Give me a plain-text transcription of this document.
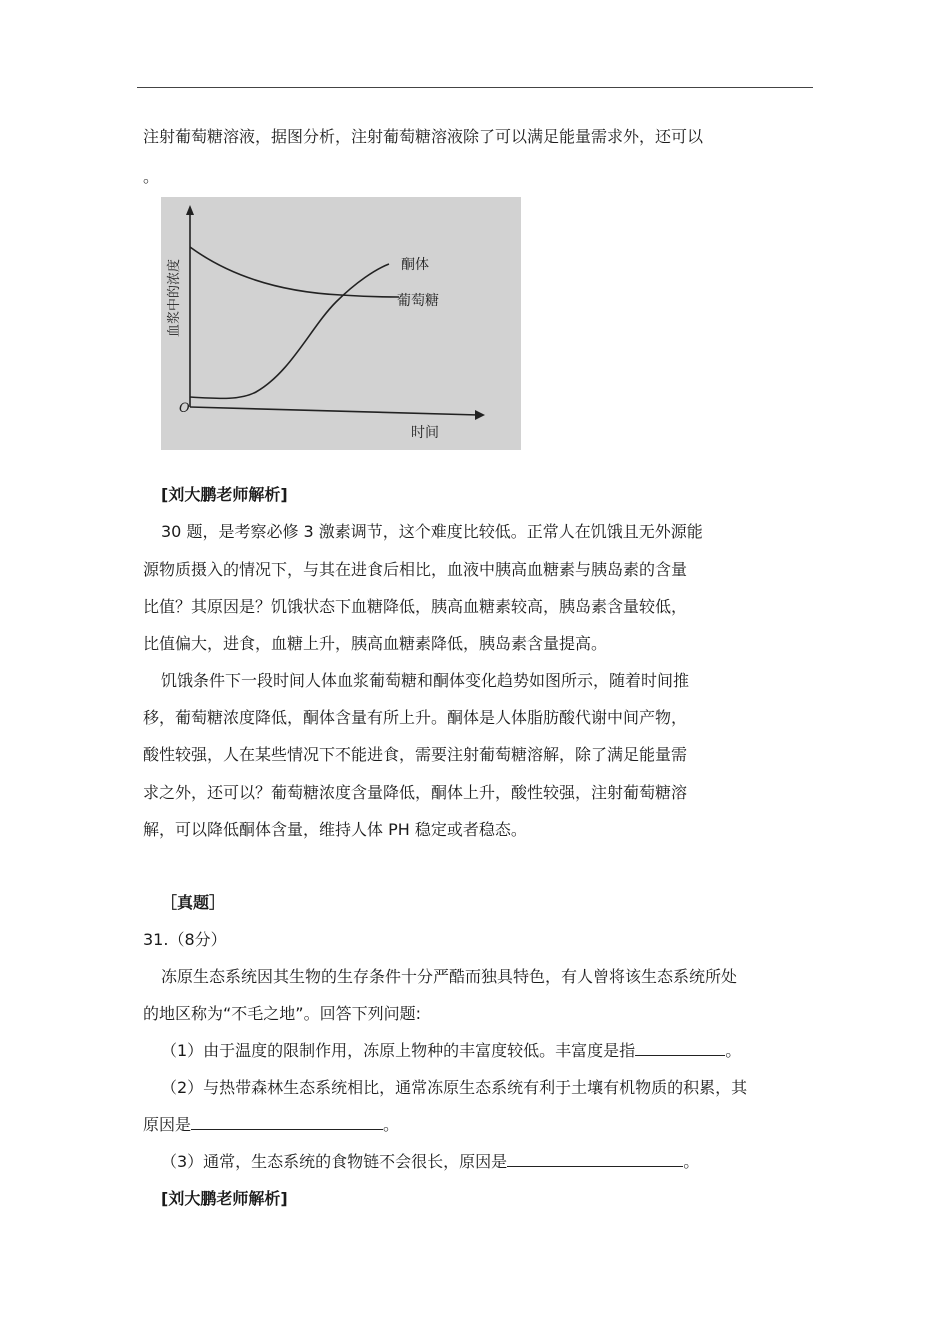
注射葡萄糖溶液，据图分析，注射葡萄糖溶液除了可以满足能量需求外，还可以
。
O
酮体
葡萄糖
时间
血浆中的浓度
[刘大鹏老师解析]
30 题，是考察必修 3 激素调节，这个难度比较低。正常人在饥饿且无外源能
源物质摄入的情况下，与其在进食后相比，血液中胰高血糖素与胰岛素的含量
比值？其原因是？饥饿状态下血糖降低，胰高血糖素较高，胰岛素含量较低，
比值偏大，进食，血糖上升，胰高血糖素降低，胰岛素含量提高。
饥饿条件下一段时间人体血浆葡萄糖和酮体变化趋势如图所示，随着时间推
移，葡萄糖浓度降低，酮体含量有所上升。酮体是人体脂肪酸代谢中间产物，
酸性较强，人在某些情况下不能进食，需要注射葡萄糖溶解，除了满足能量需
求之外，还可以？葡萄糖浓度含量降低，酮体上升，酸性较强，注射葡萄糖溶
解，可以降低酮体含量，维持人体 PH 稳定或者稳态。
［真题］
31.（8分）
冻原生态系统因其生物的生存条件十分严酷而独具特色，有人曾将该生态系统所处
的地区称为“不毛之地”。回答下列问题:
（1）由于温度的限制作用，冻原上物种的丰富度较低。丰富度是指	。
（2）与热带森林生态系统相比，通常冻原生态系统有利于土壤有机物质的积累，其
原因是	。
（3）通常，生态系统的食物链不会很长，原因是	。
[刘大鹏老师解析]
